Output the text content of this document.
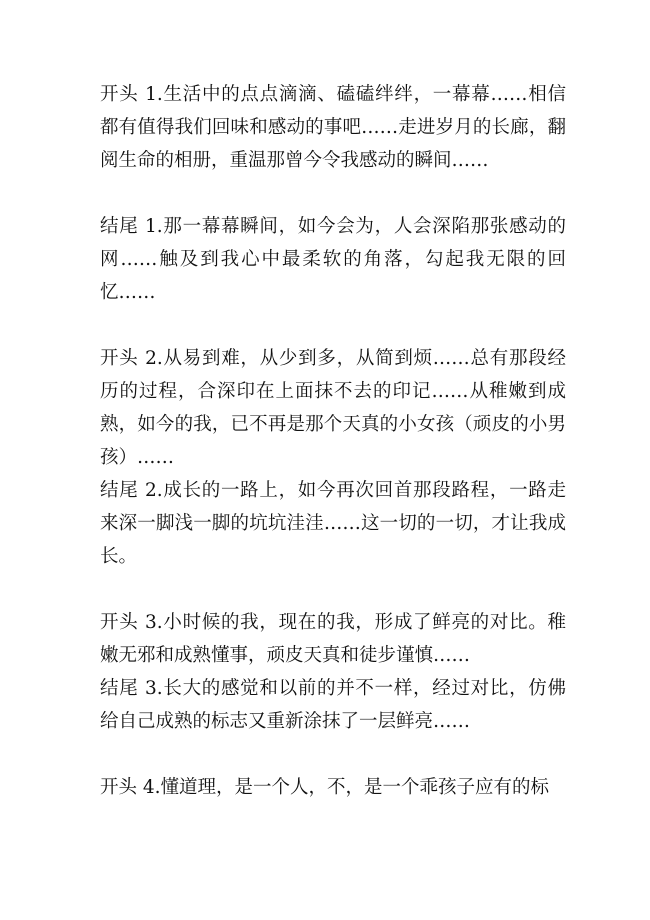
开头 1.生活中的点点滴滴、磕磕绊绊，一幕幕……相信都有值得我们回味和感动的事吧……走进岁月的长廊，翻阅生命的相册，重温那曾今令我感动的瞬间……

结尾 1.那一幕幕瞬间，如今会为，人会深陷那张感动的网……触及到我心中最柔软的角落，勾起我无限的回忆……

开头 2.从易到难，从少到多，从简到烦……总有那段经历的过程，合深印在上面抹不去的印记……从稚嫩到成熟，如今的我，已不再是那个天真的小女孩（顽皮的小男孩）……

结尾 2.成长的一路上，如今再次回首那段路程，一路走来深一脚浅一脚的坑坑洼洼……这一切的一切，才让我成长。

开头 3.小时候的我，现在的我，形成了鲜亮的对比。稚嫩无邪和成熟懂事，顽皮天真和徒步谨慎……

结尾 3.长大的感觉和以前的并不一样，经过对比，仿佛给自己成熟的标志又重新涂抹了一层鲜亮……

开头 4.懂道理，是一个人，不，是一个乖孩子应有的标
